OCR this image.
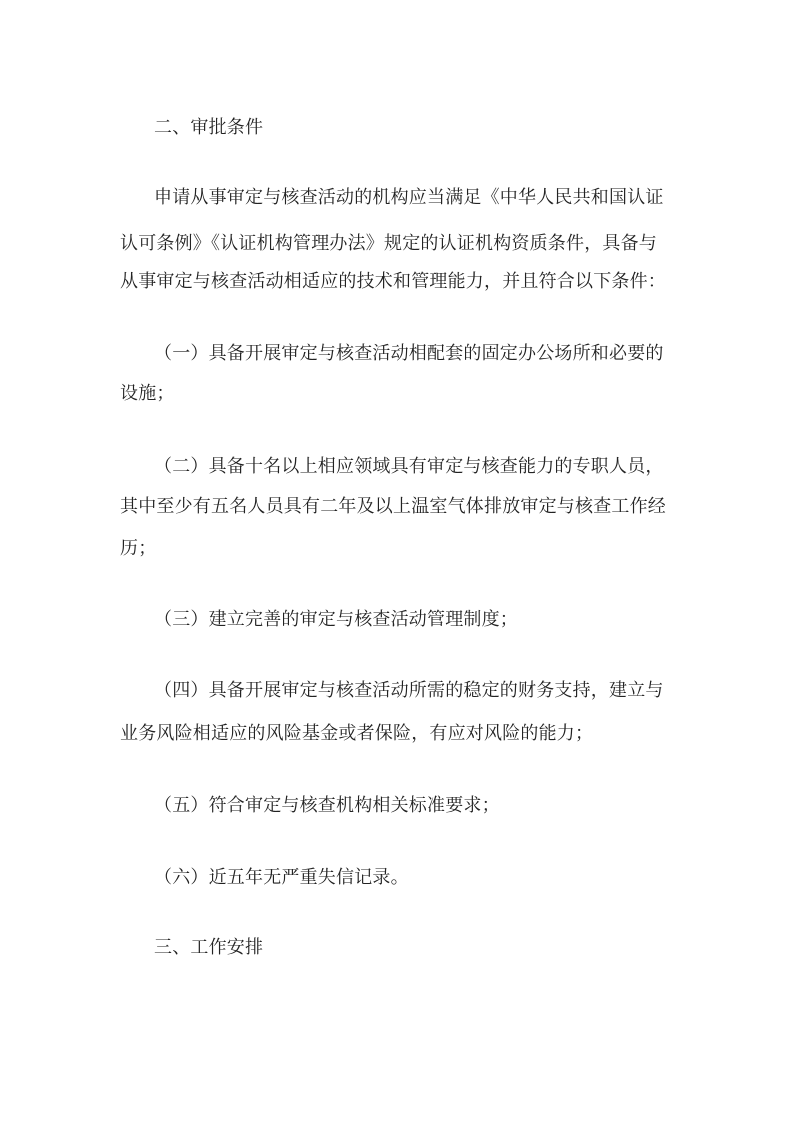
二、审批条件
申请从事审定与核查活动的机构应当满足《中华人民共和国认证
认可条例》《认证机构管理办法》规定的认证机构资质条件，具备与
从事审定与核查活动相适应的技术和管理能力，并且符合以下条件：
（一）具备开展审定与核查活动相配套的固定办公场所和必要的
设施；
（二）具备十名以上相应领域具有审定与核查能力的专职人员，
其中至少有五名人员具有二年及以上温室气体排放审定与核查工作经
历；
（三）建立完善的审定与核查活动管理制度；
（四）具备开展审定与核查活动所需的稳定的财务支持，建立与
业务风险相适应的风险基金或者保险，有应对风险的能力；
（五）符合审定与核查机构相关标准要求；
（六）近五年无严重失信记录。
三、工作安排
